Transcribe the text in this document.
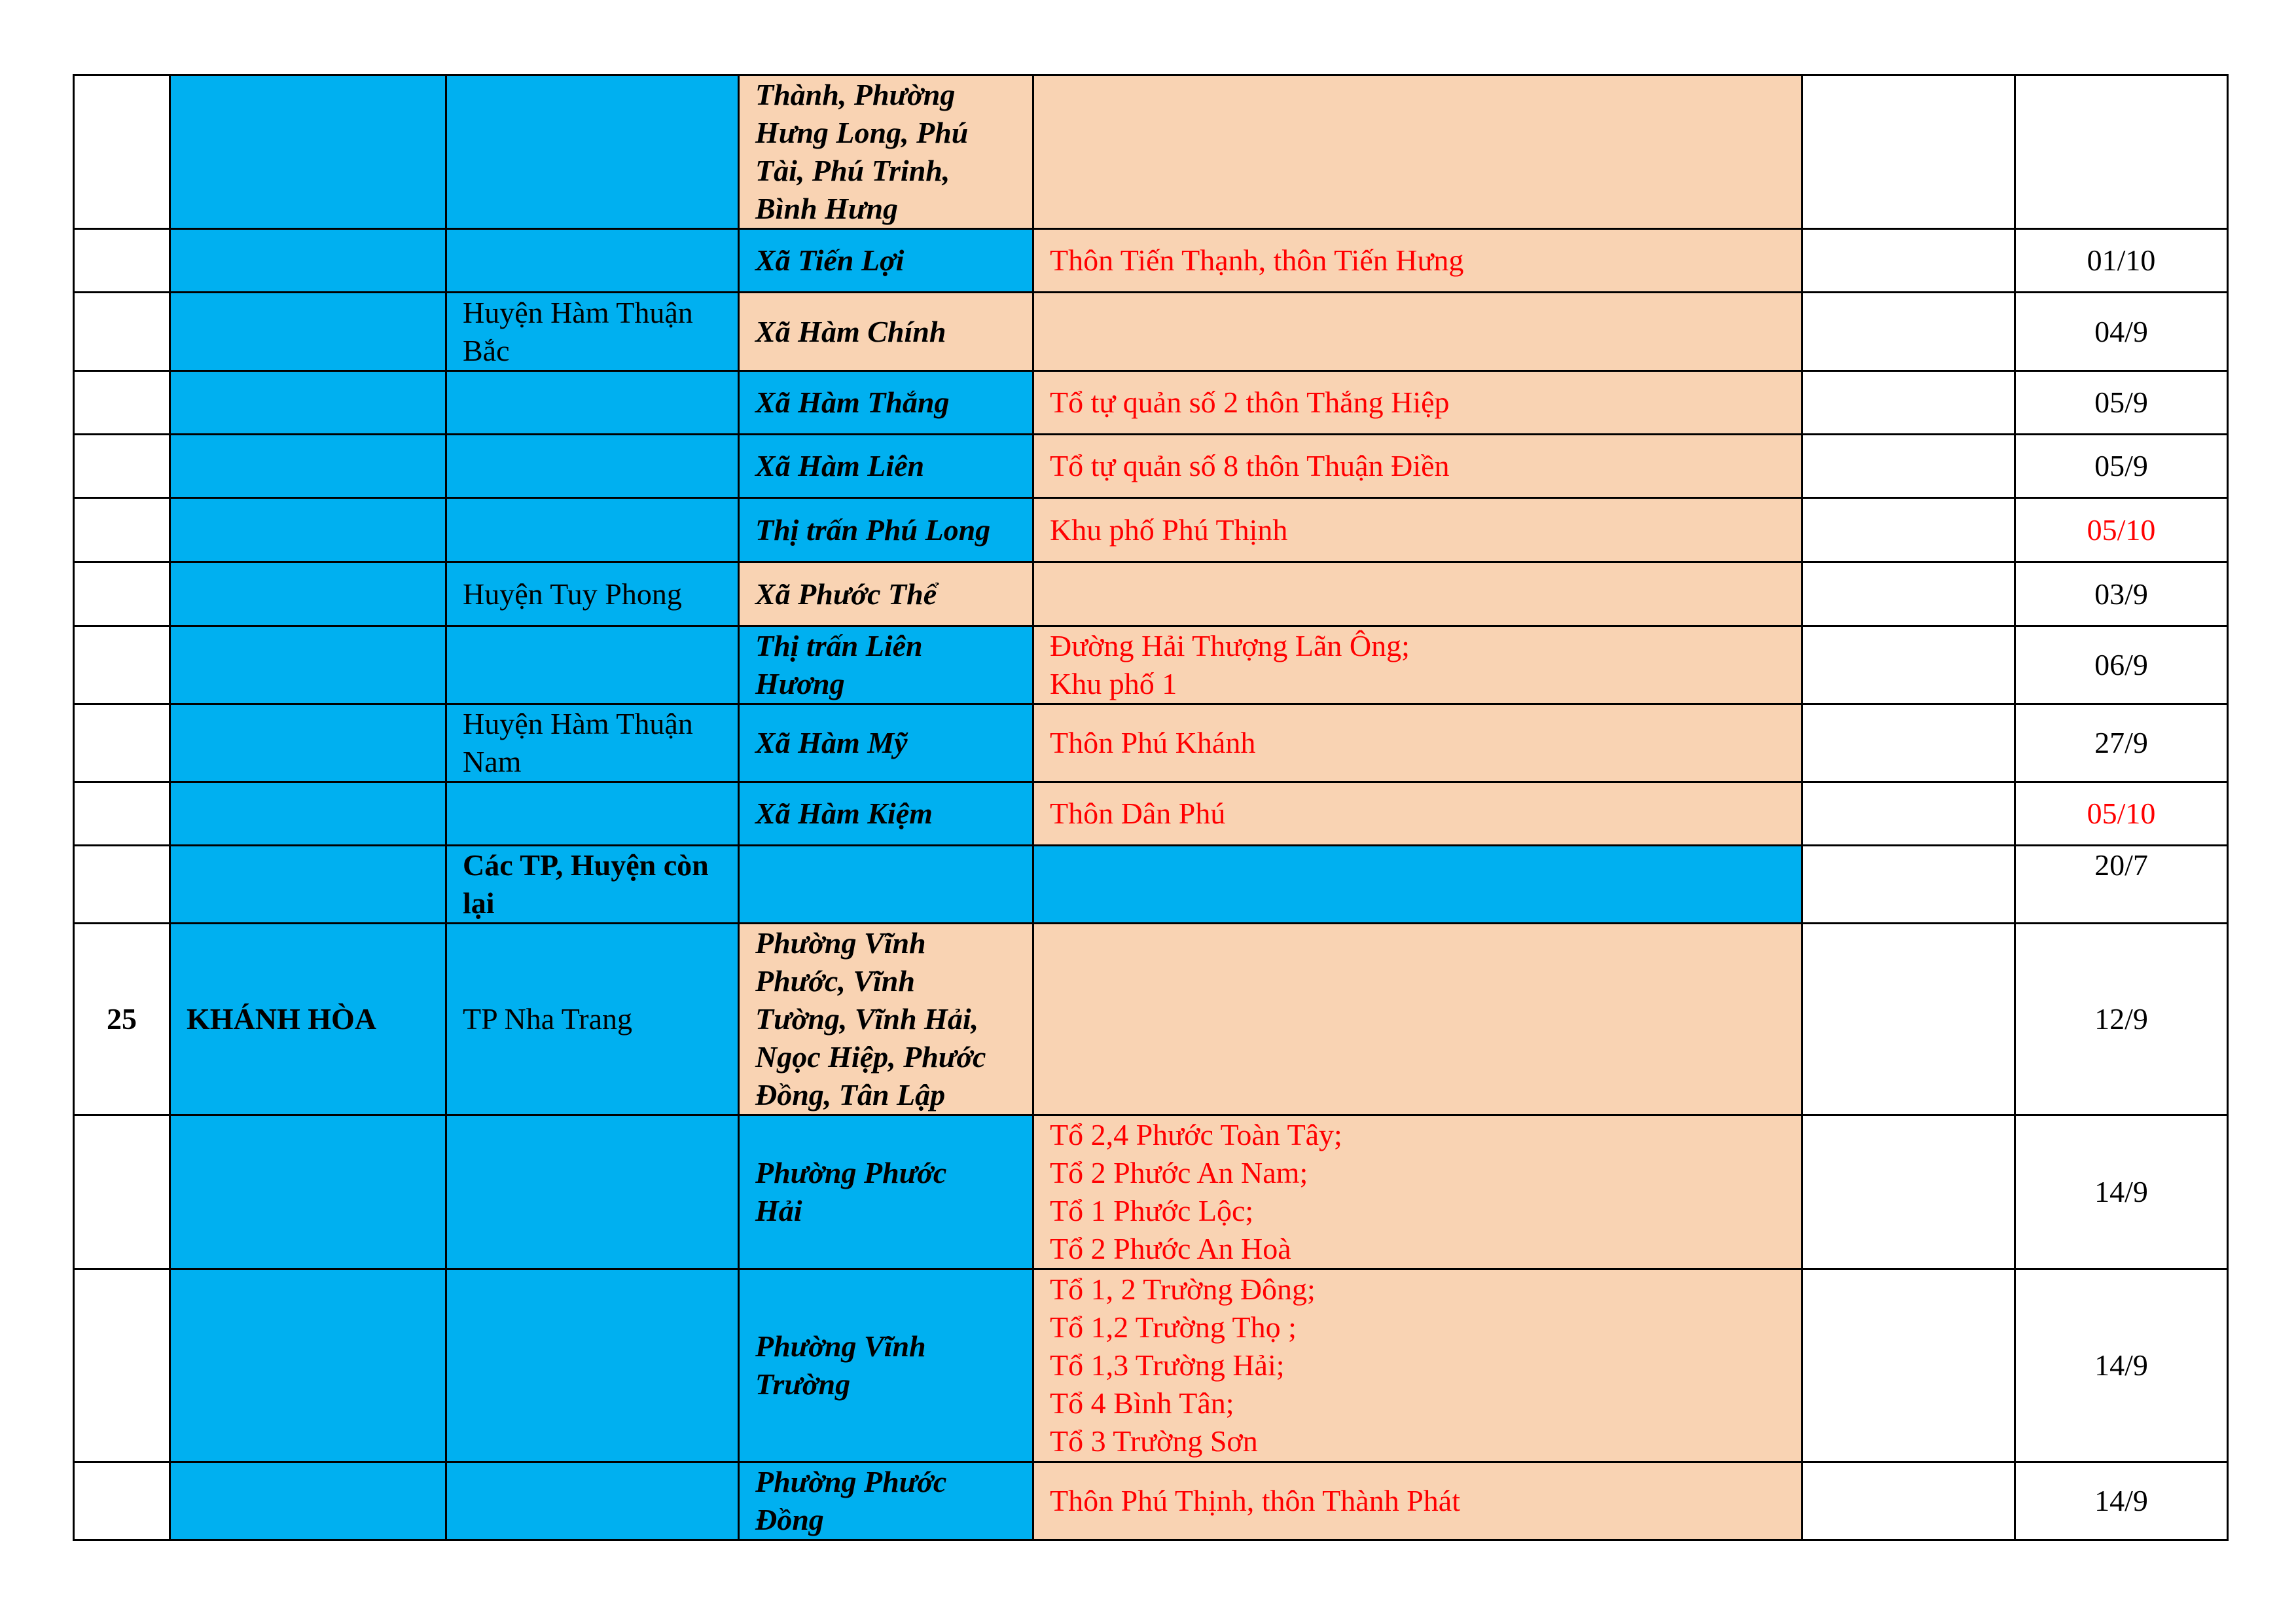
			Thành, Phường
Hưng Long, Phú
Tài, Phú Trinh,
Bình Hưng			

			Xã Tiến Lợi	Thôn Tiến Thạnh, thôn Tiến Hưng		01/10
		Huyện Hàm Thuận Bắc	Xã Hàm Chính			04/9

			Xã Hàm Thắng	Tổ tự quản số 2 thôn Thắng Hiệp		05/9

			Xã Hàm Liên	Tổ tự quản số 8 thôn Thuận Điền		05/9

			Thị trấn Phú Long	Khu phố Phú Thịnh		05/10
		Huyện Tuy Phong	Xã Phước Thể			03/9

			Thị trấn Liên
Hương	Đường Hải Thượng Lãn Ông;
Khu phố 1		06/9
		Huyện Hàm Thuận Nam	Xã Hàm Mỹ	Thôn Phú Khánh		27/9

			Xã Hàm Kiệm	Thôn Dân Phú		05/10
		Các TP, Huyện còn lại				20/7
25	KHÁNH HÒA	TP Nha Trang	Phường Vĩnh
Phước, Vĩnh
Tường, Vĩnh Hải,
Ngọc Hiệp, Phước
Đồng, Tân Lập			12/9

			Phường Phước
Hải	Tổ 2,4 Phước Toàn Tây;
Tổ 2 Phước An Nam;
Tổ 1 Phước Lộc;
Tổ 2 Phước An Hoà		14/9

			Phường Vĩnh
Trường	Tổ 1, 2 Trường Đông;
Tổ 1,2 Trường Thọ ;
Tổ 1,3 Trường Hải;
Tổ 4 Bình Tân;
Tổ 3 Trường Sơn		14/9

			Phường Phước
Đồng	Thôn Phú Thịnh, thôn Thành Phát		14/9
